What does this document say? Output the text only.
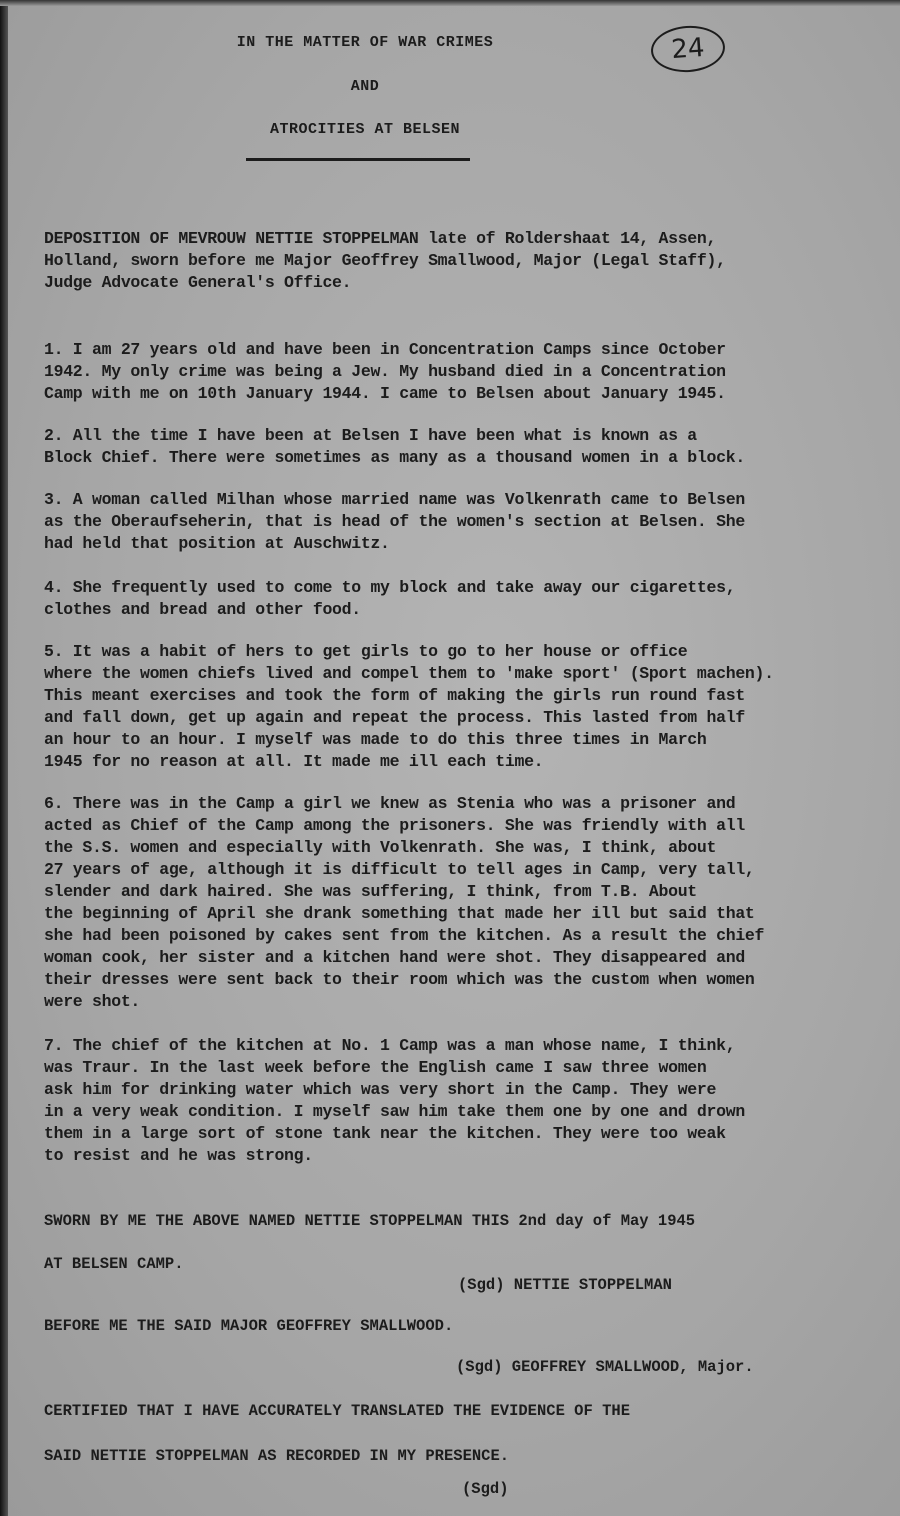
IN THE MATTER OF WAR CRIMES
AND
ATROCITIES AT BELSEN
24
DEPOSITION OF MEVROUW NETTIE STOPPELMAN late of Roldershaat 14, Assen,
Holland, sworn before me Major Geoffrey Smallwood, Major (Legal Staff),
Judge Advocate General's Office.
1. I am 27 years old and have been in Concentration Camps since October
1942. My only crime was being a Jew. My husband died in a Concentration
Camp with me on 10th January 1944. I came to Belsen about January 1945.
2. All the time I have been at Belsen I have been what is known as a
Block Chief. There were sometimes as many as a thousand women in a block.
3. A woman called Milhan whose married name was Volkenrath came to Belsen
as the Oberaufseherin, that is head of the women's section at Belsen. She
had held that position at Auschwitz.
4. She frequently used to come to my block and take away our cigarettes,
clothes and bread and other food.
5. It was a habit of hers to get girls to go to her house or office
where the women chiefs lived and compel them to 'make sport' (Sport machen).
This meant exercises and took the form of making the girls run round fast
and fall down, get up again and repeat the process. This lasted from half
an hour to an hour. I myself was made to do this three times in March
1945 for no reason at all. It made me ill each time.
6. There was in the Camp a girl we knew as Stenia who was a prisoner and
acted as Chief of the Camp among the prisoners. She was friendly with all
the S.S. women and especially with Volkenrath. She was, I think, about
27 years of age, although it is difficult to tell ages in Camp, very tall,
slender and dark haired. She was suffering, I think, from T.B. About
the beginning of April she drank something that made her ill but said that
she had been poisoned by cakes sent from the kitchen. As a result the chief
woman cook, her sister and a kitchen hand were shot. They disappeared and
their dresses were sent back to their room which was the custom when women
were shot.
7. The chief of the kitchen at No. 1 Camp was a man whose name, I think,
was Traur. In the last week before the English came I saw three women
ask him for drinking water which was very short in the Camp. They were
in a very weak condition. I myself saw him take them one by one and drown
them in a large sort of stone tank near the kitchen. They were too weak
to resist and he was strong.
SWORN BY ME THE ABOVE NAMED NETTIE STOPPELMAN THIS 2nd day of May 1945
AT BELSEN CAMP.
(Sgd) NETTIE STOPPELMAN
BEFORE ME THE SAID MAJOR GEOFFREY SMALLWOOD.
(Sgd) GEOFFREY SMALLWOOD, Major.
CERTIFIED THAT I HAVE ACCURATELY TRANSLATED THE EVIDENCE OF THE
SAID NETTIE STOPPELMAN AS RECORDED IN MY PRESENCE.
(Sgd)
